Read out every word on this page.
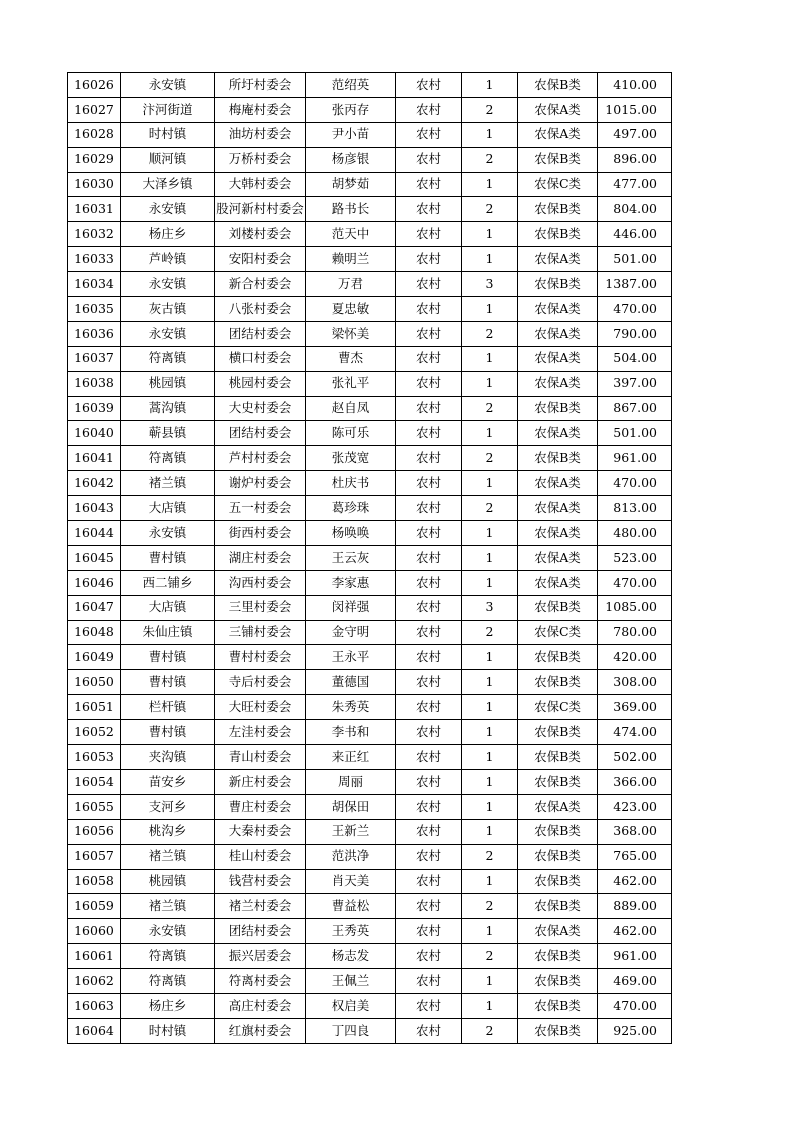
16026	永安镇	所圩村委会	范绍英	农村	1	农保B类	410.00
16027	汴河街道	梅庵村委会	张丙存	农村	2	农保A类	1015.00
16028	时村镇	油坊村委会	尹小苗	农村	1	农保A类	497.00
16029	顺河镇	万桥村委会	杨彦银	农村	2	农保B类	896.00
16030	大泽乡镇	大韩村委会	胡梦茹	农村	1	农保C类	477.00
16031	永安镇	股河新村村委会	路书长	农村	2	农保B类	804.00
16032	杨庄乡	刘楼村委会	范天中	农村	1	农保B类	446.00
16033	芦岭镇	安阳村委会	赖明兰	农村	1	农保A类	501.00
16034	永安镇	新合村委会	万君	农村	3	农保B类	1387.00
16035	灰古镇	八张村委会	夏忠敏	农村	1	农保A类	470.00
16036	永安镇	团结村委会	梁怀美	农村	2	农保A类	790.00
16037	符离镇	横口村委会	曹杰	农村	1	农保A类	504.00
16038	桃园镇	桃园村委会	张礼平	农村	1	农保A类	397.00
16039	蒿沟镇	大史村委会	赵自凤	农村	2	农保B类	867.00
16040	蕲县镇	团结村委会	陈可乐	农村	1	农保A类	501.00
16041	符离镇	芦村村委会	张茂宽	农村	2	农保B类	961.00
16042	褚兰镇	谢炉村委会	杜庆书	农村	1	农保A类	470.00
16043	大店镇	五一村委会	葛珍珠	农村	2	农保A类	813.00
16044	永安镇	街西村委会	杨唤唤	农村	1	农保A类	480.00
16045	曹村镇	湖庄村委会	王云灰	农村	1	农保A类	523.00
16046	西二铺乡	沟西村委会	李家惠	农村	1	农保A类	470.00
16047	大店镇	三里村委会	闵祥强	农村	3	农保B类	1085.00
16048	朱仙庄镇	三铺村委会	金守明	农村	2	农保C类	780.00
16049	曹村镇	曹村村委会	王永平	农村	1	农保B类	420.00
16050	曹村镇	寺后村委会	董德国	农村	1	农保B类	308.00
16051	栏杆镇	大旺村委会	朱秀英	农村	1	农保C类	369.00
16052	曹村镇	左洼村委会	李书和	农村	1	农保B类	474.00
16053	夹沟镇	青山村委会	来正红	农村	1	农保B类	502.00
16054	苗安乡	新庄村委会	周丽	农村	1	农保B类	366.00
16055	支河乡	曹庄村委会	胡保田	农村	1	农保A类	423.00
16056	桃沟乡	大秦村委会	王新兰	农村	1	农保B类	368.00
16057	褚兰镇	桂山村委会	范洪净	农村	2	农保B类	765.00
16058	桃园镇	钱营村委会	肖天美	农村	1	农保B类	462.00
16059	褚兰镇	褚兰村委会	曹益松	农村	2	农保B类	889.00
16060	永安镇	团结村委会	王秀英	农村	1	农保A类	462.00
16061	符离镇	振兴居委会	杨志发	农村	2	农保B类	961.00
16062	符离镇	符离村委会	王佩兰	农村	1	农保B类	469.00
16063	杨庄乡	高庄村委会	权启美	农村	1	农保B类	470.00
16064	时村镇	红旗村委会	丁四良	农村	2	农保B类	925.00
